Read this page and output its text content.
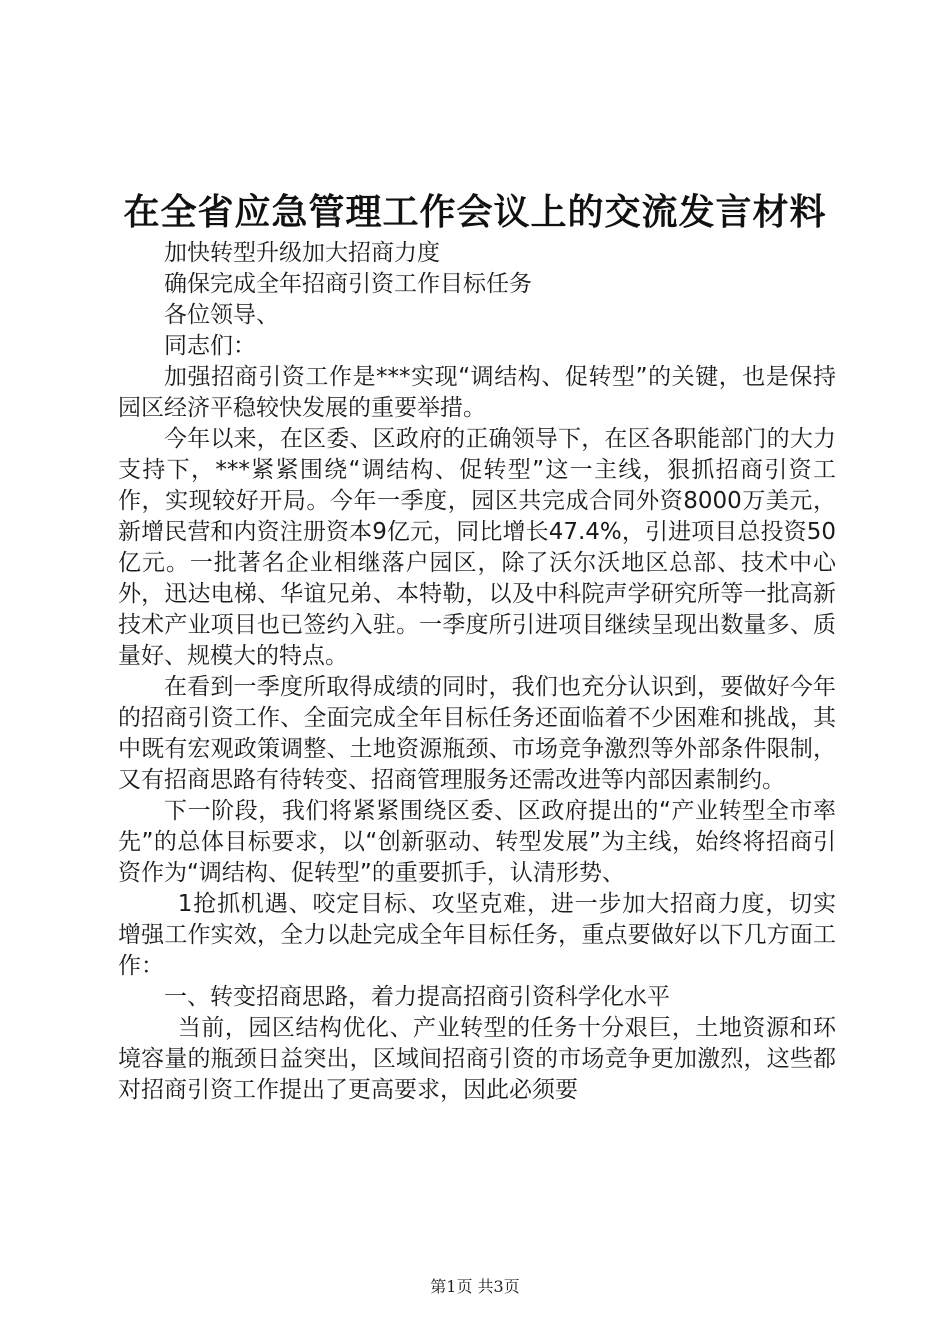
在全省应急管理工作会议上的交流发言材料

加快转型升级加大招商力度

确保完成全年招商引资工作目标任务

各位领导、

同志们：

加强招商引资工作是***实现“调结构、促转型”的关键，也是保持园区经济平稳较快发展的重要举措。

今年以来，在区委、区政府的正确领导下，在区各职能部门的大力支持下，***紧紧围绕“调结构、促转型”这一主线，狠抓招商引资工作，实现较好开局。今年一季度，园区共完成合同外资8000万美元，新增民营和内资注册资本9亿元，同比增长47.4%，引进项目总投资50亿元。一批著名企业相继落户园区，除了沃尔沃地区总部、技术中心外，迅达电梯、华谊兄弟、本特勒，以及中科院声学研究所等一批高新技术产业项目也已签约入驻。一季度所引进项目继续呈现出数量多、质量好、规模大的特点。

在看到一季度所取得成绩的同时，我们也充分认识到，要做好今年的招商引资工作、全面完成全年目标任务还面临着不少困难和挑战，其中既有宏观政策调整、土地资源瓶颈、市场竞争激烈等外部条件限制，又有招商思路有待转变、招商管理服务还需改进等内部因素制约。

下一阶段，我们将紧紧围绕区委、区政府提出的“产业转型全市率先”的总体目标要求，以“创新驱动、转型发展”为主线，始终将招商引资作为“调结构、促转型”的重要抓手，认清形势、

1抢抓机遇、咬定目标、攻坚克难，进一步加大招商力度，切实增强工作实效，全力以赴完成全年目标任务，重点要做好以下几方面工作：

一、转变招商思路，着力提高招商引资科学化水平

当前，园区结构优化、产业转型的任务十分艰巨，土地资源和环境容量的瓶颈日益突出，区域间招商引资的市场竞争更加激烈，这些都对招商引资工作提出了更高要求，因此必须要

第1页 共3页
